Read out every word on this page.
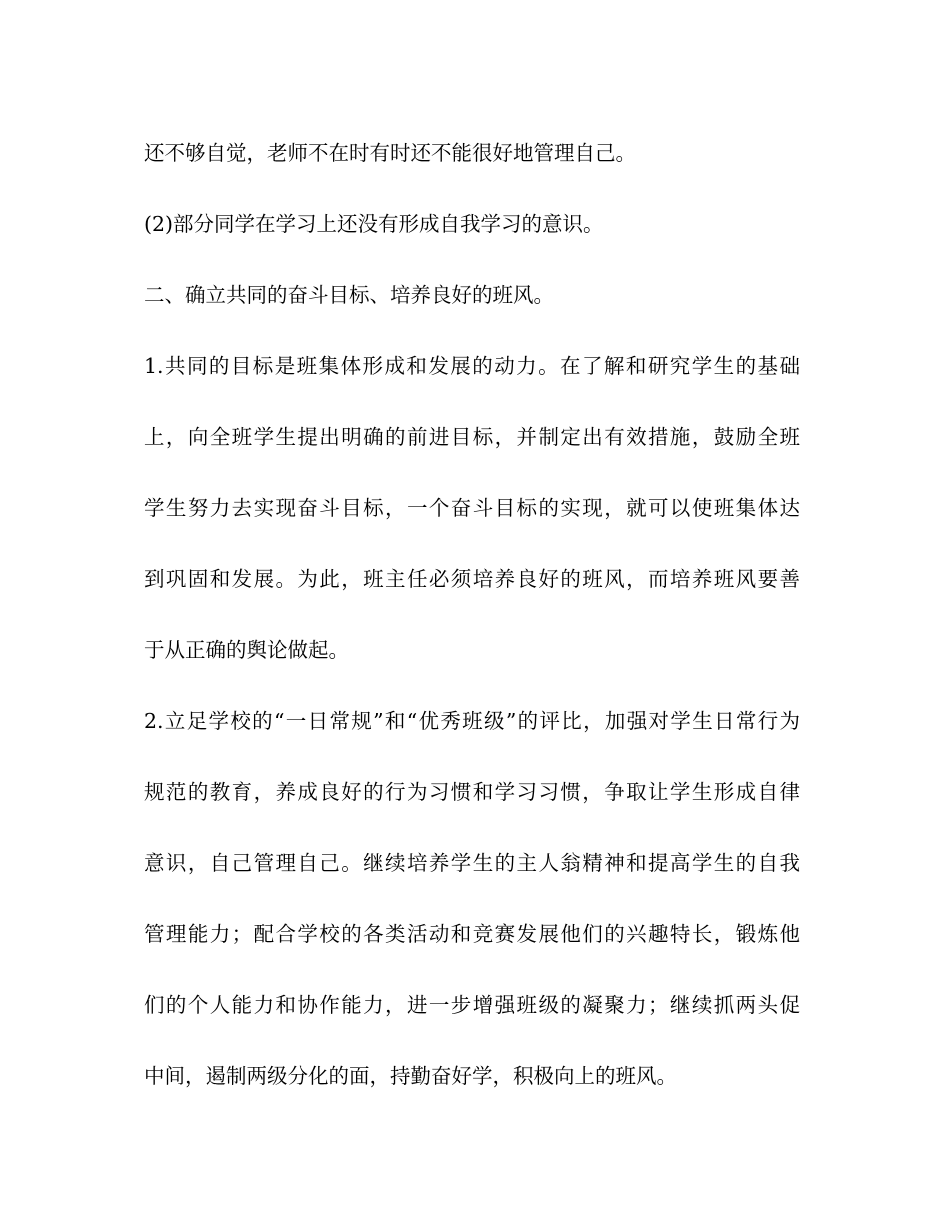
还不够自觉，老师不在时有时还不能很好地管理自己。
(2)部分同学在学习上还没有形成自我学习的意识。
二、确立共同的奋斗目标、培养良好的班风。
1.共同的目标是班集体形成和发展的动力。在了解和研究学生的基础
上，向全班学生提出明确的前进目标，并制定出有效措施，鼓励全班
学生努力去实现奋斗目标，一个奋斗目标的实现，就可以使班集体达
到巩固和发展。为此，班主任必须培养良好的班风，而培养班风要善
于从正确的舆论做起。
2.立足学校的“一日常规”和“优秀班级”的评比，加强对学生日常行为
规范的教育，养成良好的行为习惯和学习习惯，争取让学生形成自律
意识，自己管理自己。继续培养学生的主人翁精神和提高学生的自我
管理能力；配合学校的各类活动和竞赛发展他们的兴趣特长，锻炼他
们的个人能力和协作能力，进一步增强班级的凝聚力；继续抓两头促
中间，遏制两级分化的面，持勤奋好学，积极向上的班风。
